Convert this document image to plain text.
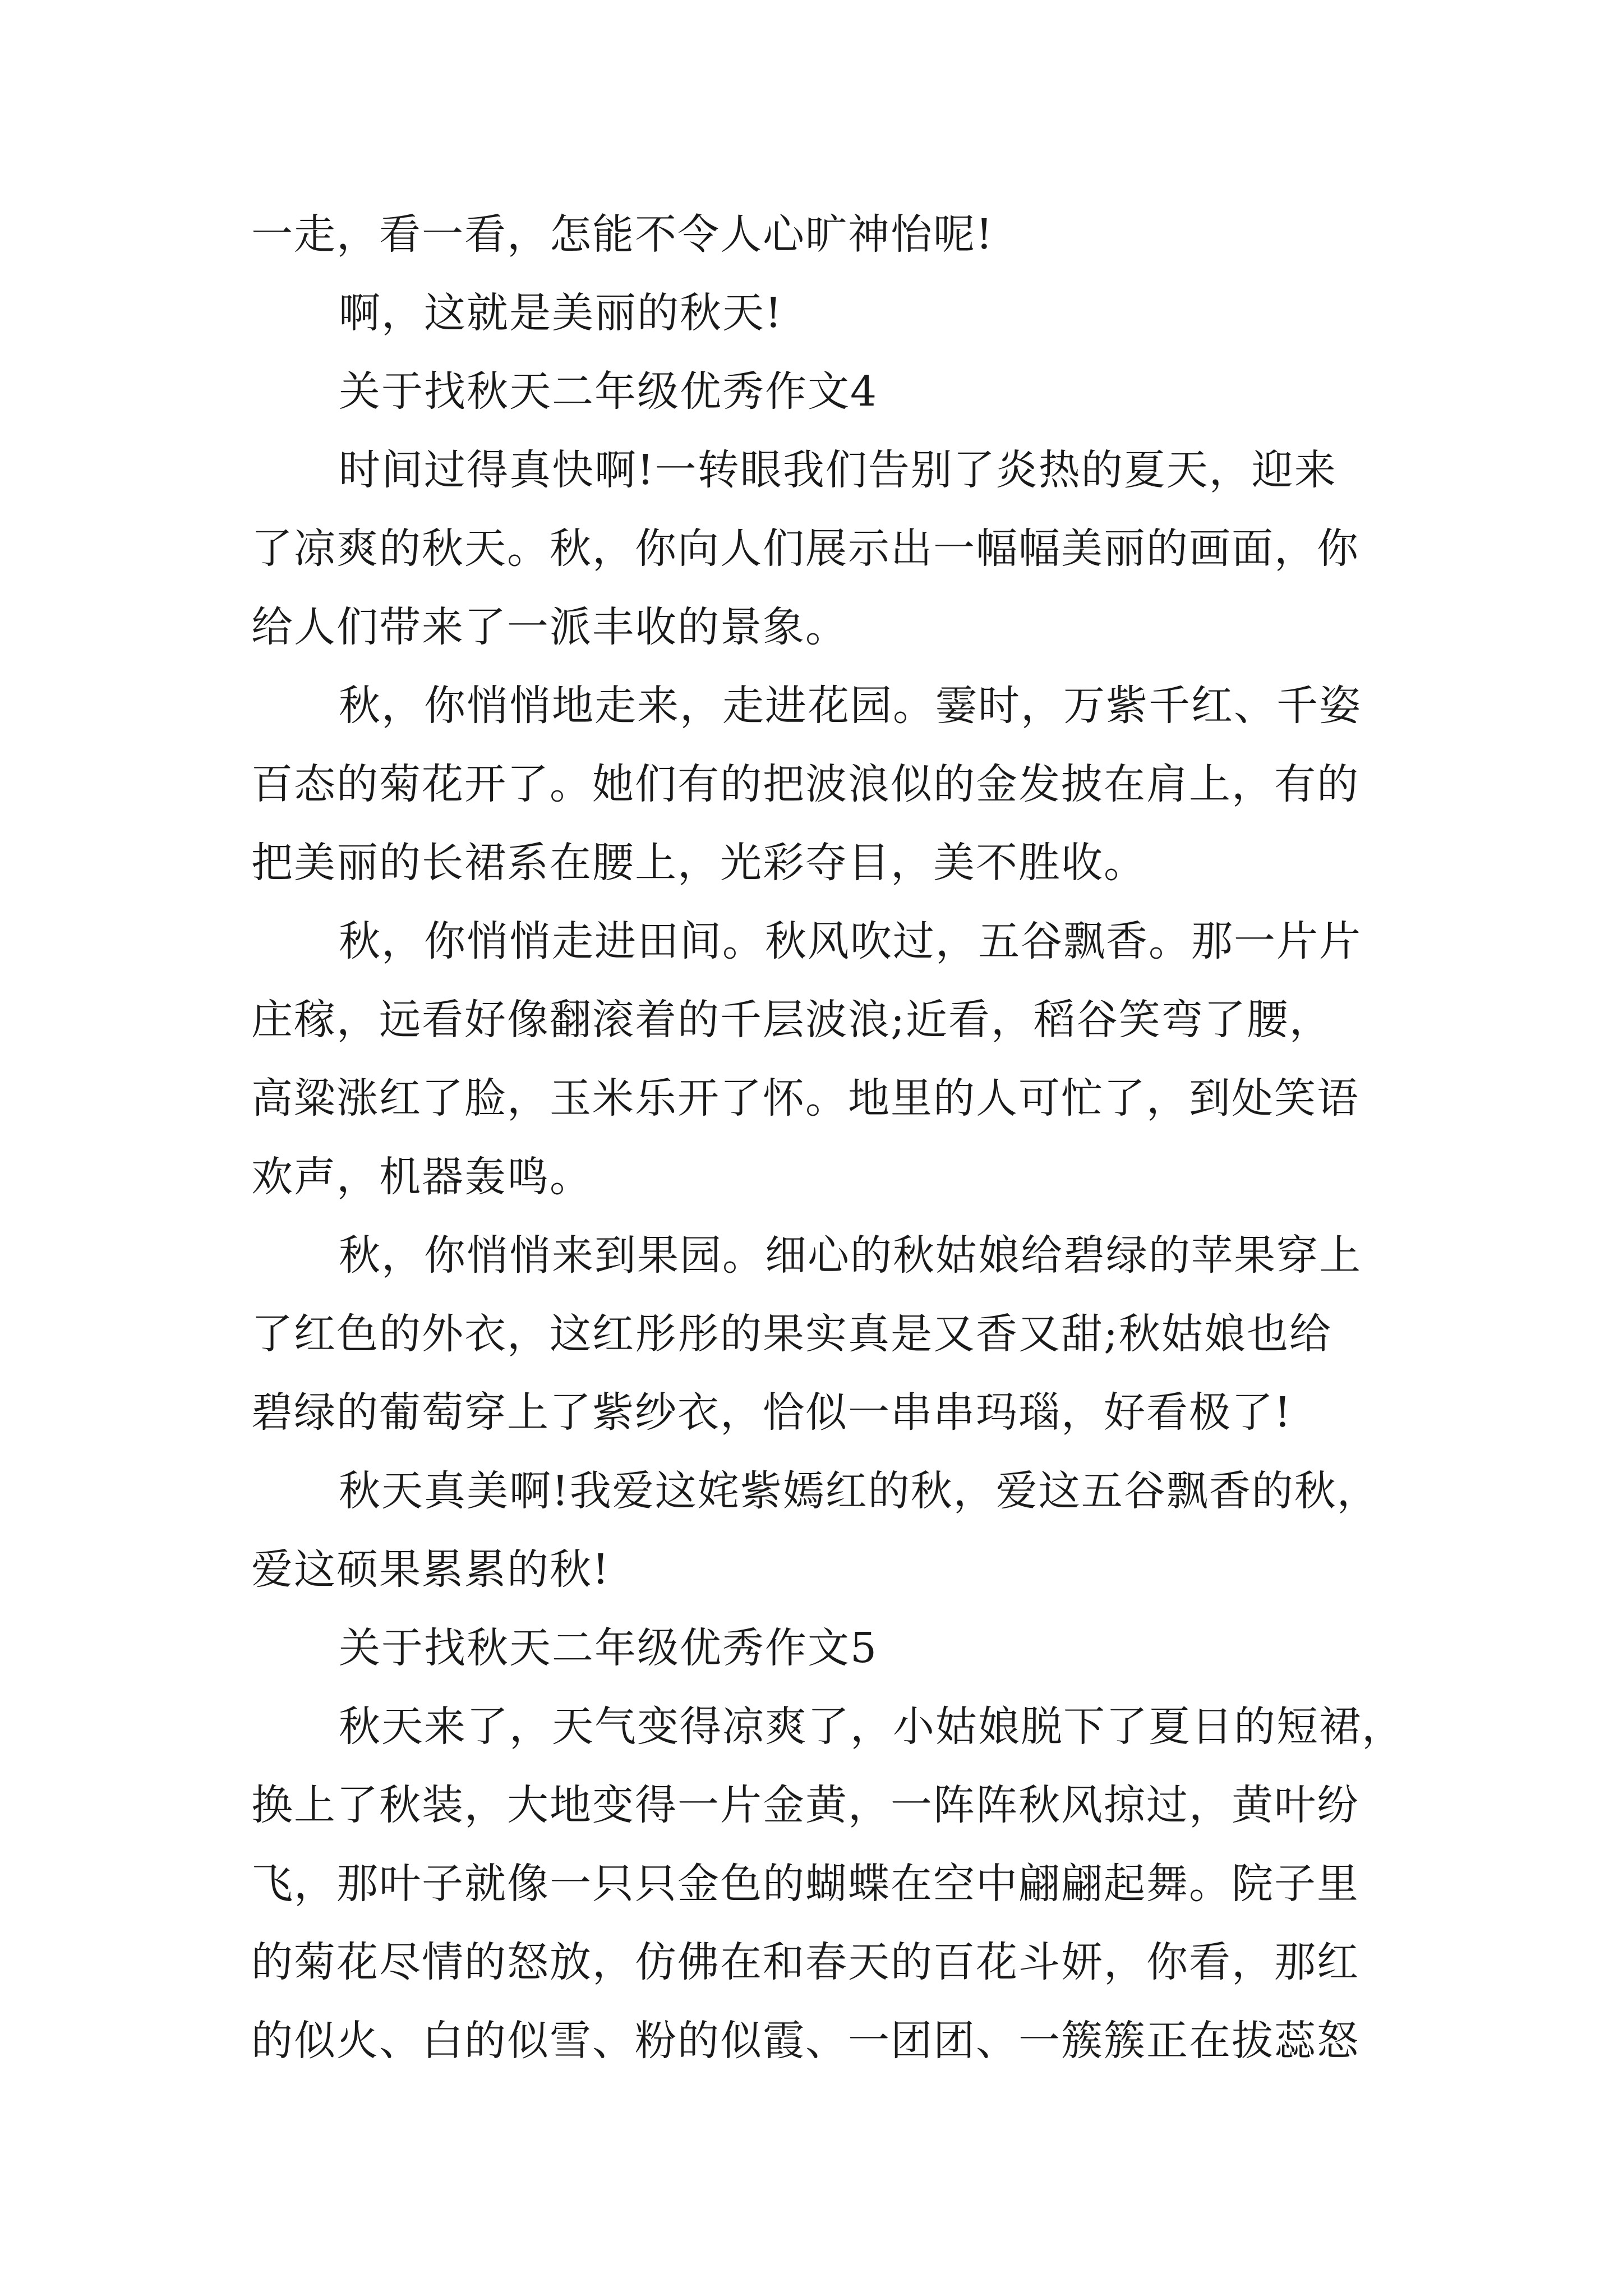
一走，看一看，怎能不令人心旷神怡呢!
啊，这就是美丽的秋天!
关于找秋天二年级优秀作文4
时间过得真快啊!一转眼我们告别了炎热的夏天，迎来
了凉爽的秋天。秋，你向人们展示出一幅幅美丽的画面，你
给人们带来了一派丰收的景象。
秋，你悄悄地走来，走进花园。霎时，万紫千红、千姿
百态的菊花开了。她们有的把波浪似的金发披在肩上，有的
把美丽的长裙系在腰上，光彩夺目，美不胜收。
秋，你悄悄走进田间。秋风吹过，五谷飘香。那一片片
庄稼，远看好像翻滚着的千层波浪;近看，稻谷笑弯了腰，
高粱涨红了脸，玉米乐开了怀。地里的人可忙了，到处笑语
欢声，机器轰鸣。
秋，你悄悄来到果园。细心的秋姑娘给碧绿的苹果穿上
了红色的外衣，这红彤彤的果实真是又香又甜;秋姑娘也给
碧绿的葡萄穿上了紫纱衣，恰似一串串玛瑙，好看极了!
秋天真美啊!我爱这姹紫嫣红的秋，爱这五谷飘香的秋，
爱这硕果累累的秋!
关于找秋天二年级优秀作文5
秋天来了，天气变得凉爽了，小姑娘脱下了夏日的短裙，
换上了秋装，大地变得一片金黄，一阵阵秋风掠过，黄叶纷
飞，那叶子就像一只只金色的蝴蝶在空中翩翩起舞。院子里
的菊花尽情的怒放，仿佛在和春天的百花斗妍，你看，那红
的似火、白的似雪、粉的似霞、一团团、一簇簇正在拔蕊怒
